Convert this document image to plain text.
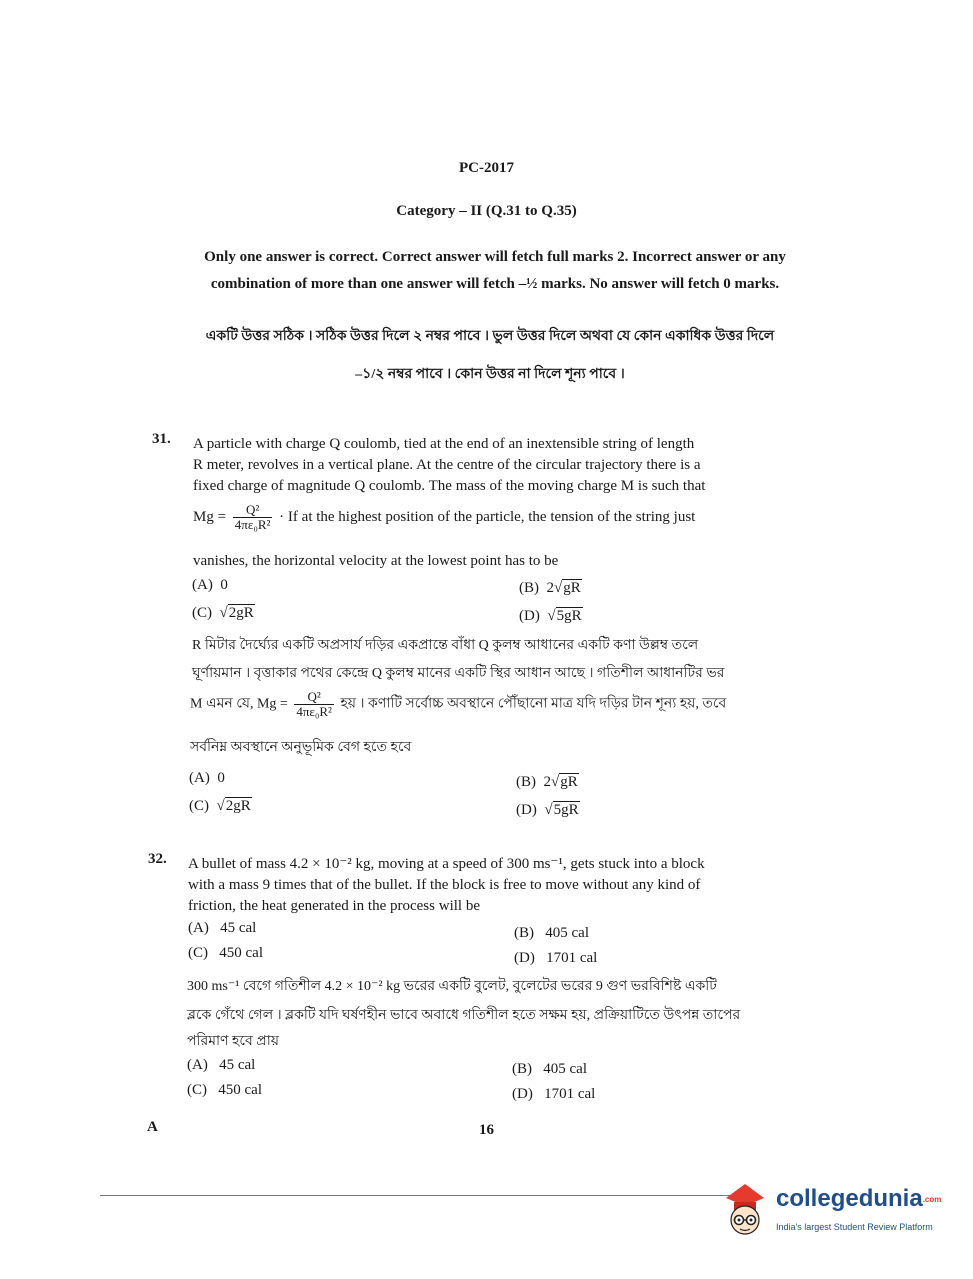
PC-2017
Category – II (Q.31 to Q.35)
Only one answer is correct. Correct answer will fetch full marks 2. Incorrect answer or any
combination of more than one answer will fetch –½ marks. No answer will fetch 0 marks.
একটি উত্তর সঠিক । সঠিক উত্তর দিলে ২ নম্বর পাবে । ভুল উত্তর দিলে অথবা যে কোন একাধিক উত্তর দিলে
–১/২ নম্বর পাবে । কোন উত্তর না দিলে শূন্য পাবে ।
31. A particle with charge Q coulomb, tied at the end of an inextensible string of length
R meter, revolves in a vertical plane. At the centre of the circular trajectory there is a
fixed charge of magnitude Q coulomb. The mass of the moving charge M is such that
$Mg = \frac{\text{Q²}}{\text{4πε₀R²}} \cdot If$ at the highest position of the particle, the tension of the string just
vanishes, the horizontal velocity at the lowest point has to be
(A) 0	(B) 2√gR
(C) √2gR	(D) √5gR
R মিটার দৈর্ঘ্যের একটি অপ্রসার্য দড়ির একপ্রান্তে বাঁধা Q কুলম্ব আধানের একটি কণা উল্লম্ব তলে
ঘূর্ণায়মান । বৃত্তাকার পথের কেন্দ্রে Q কুলম্ব মানের একটি স্থির আধান আছে । গতিশীল আধানটির ভর
M এমন যে, $Mg = \frac{\text{Q²}}{\text{4πε₀R²}}$ হয় । কণাটি সর্বোচ্চ অবস্থানে পৌঁছানো মাত্র যদি দড়ির টান শূন্য হয়, তবে
সর্বনিম্ন অবস্থানে অনুভূমিক বেগ হতে হবে
(A) 0	(B) 2√gR
(C) √2gR	(D) √5gR
32. A bullet of mass 4.2 × 10⁻² kg, moving at a speed of 300 ms⁻¹, gets stuck into a block
with a mass 9 times that of the bullet. If the block is free to move without any kind of
friction, the heat generated in the process will be
(A) 45 cal	(B) 405 cal
(C) 450 cal	(D) 1701 cal
300 ms⁻¹ বেগে গতিশীল 4.2 × 10⁻² kg ভরের একটি বুলেট, বুলেটের ভরের 9 গুণ ভরবিশিষ্ট একটি
ব্লকে গেঁথে গেল । ব্লকটি যদি ঘর্ষণহীন ভাবে অবাধে গতিশীল হতে সক্ষম হয়, প্রক্রিয়াটিতে উৎপন্ন তাপের
পরিমাণ হবে প্রায়
(A) 45 cal	(B) 405 cal
(C) 450 cal	(D) 1701 cal
A	16
collegedunia.com
India's largest Student Review Platform
